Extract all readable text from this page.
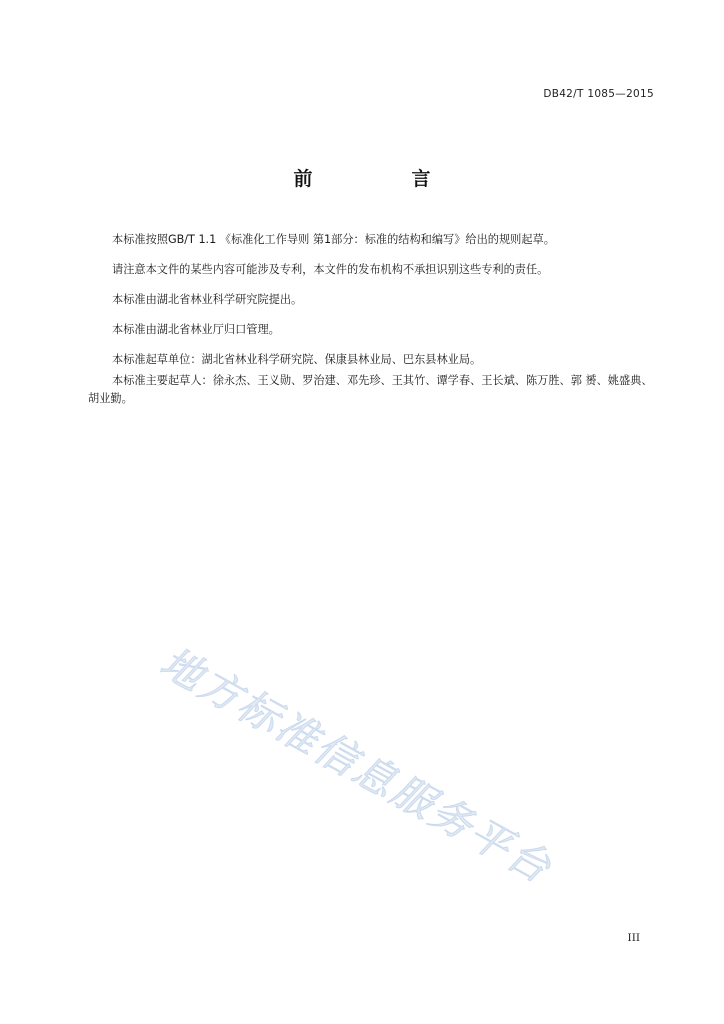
DB42/T 1085—2015
前　言

本标准按照GB/T 1.1 《标准化工作导则 第1部分：标准的结构和编写》给出的规则起草。

请注意本文件的某些内容可能涉及专利，本文件的发布机构不承担识别这些专利的责任。

本标准由湖北省林业科学研究院提出。

本标准由湖北省林业厅归口管理。

本标准起草单位：湖北省林业科学研究院、保康县林业局、巴东县林业局。

本标准主要起草人：徐永杰、王义勋、罗治建、邓先珍、王其竹、谭学春、王长斌、陈万胜、郭 赟、姚盛典、胡业勤。

地方标准信息服务平台
III
